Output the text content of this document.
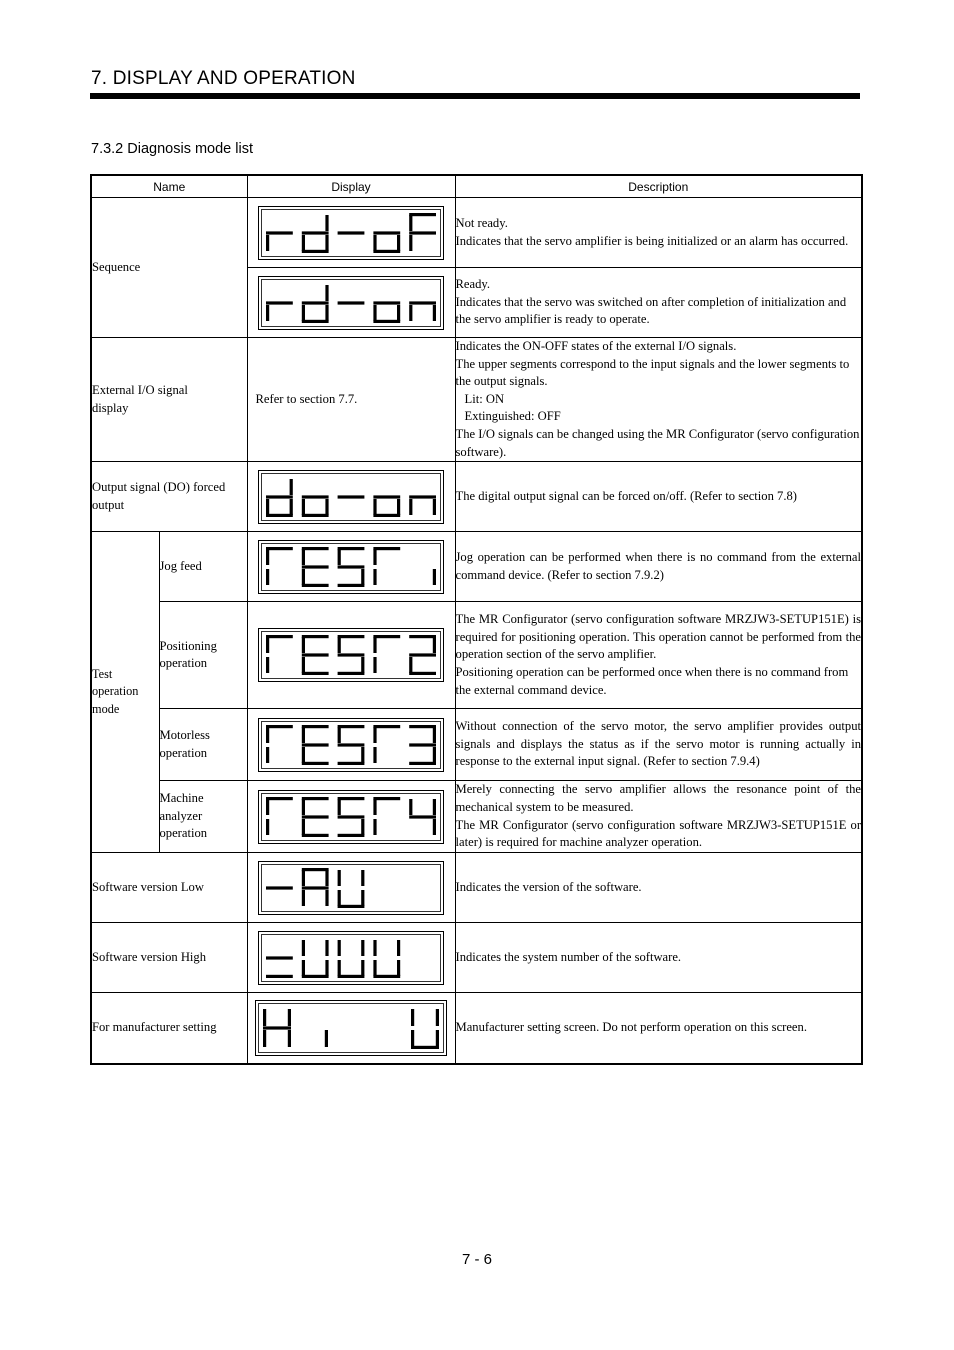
7. DISPLAY AND OPERATION
7.3.2 Diagnosis mode list
Name		Display	Description
Sequence			Not ready.
Indicates that the servo amplifier is being initialized or an alarm has occurred.

Ready.
Indicates that the servo was switched on after completion of initialization and the servo amplifier is ready to operate.

External I/O signal display		Refer to section 7.7.	Indicates the ON-OFF states of the external I/O signals.
The upper segments correspond to the input signals and the lower segments to the output signals.
Lit: ON
Extinguished: OFF
The I/O signals can be changed using the MR Configurator (servo configuration software).

Output signal (DO) forced output			The digital output signal can be forced on/off. (Refer to section 7.8)

Test operation mode	Jog feed		Jog operation can be performed when there is no command from the external command device. (Refer to section 7.9.2)

	Positioning operation		The MR Configurator (servo configuration software MRZJW3-SETUP151E) is required for positioning operation. This operation cannot be performed from the operation section of the servo amplifier.
Positioning operation can be performed once when there is no command from the external command device.

	Motorless operation		Without connection of the servo motor, the servo amplifier provides output signals and displays the status as if the servo motor is running actually in response to the external input signal. (Refer to section 7.9.4)

	Machine analyzer operation		Merely connecting the servo amplifier allows the resonance point of the mechanical system to be measured.
The MR Configurator (servo configuration software MRZJW3-SETUP151E or later) is required for machine analyzer operation.

Software version Low			Indicates the version of the software.

Software version High			Indicates the system number of the software.

For manufacturer setting			Manufacturer setting screen. Do not perform operation on this screen.
7 - 6
